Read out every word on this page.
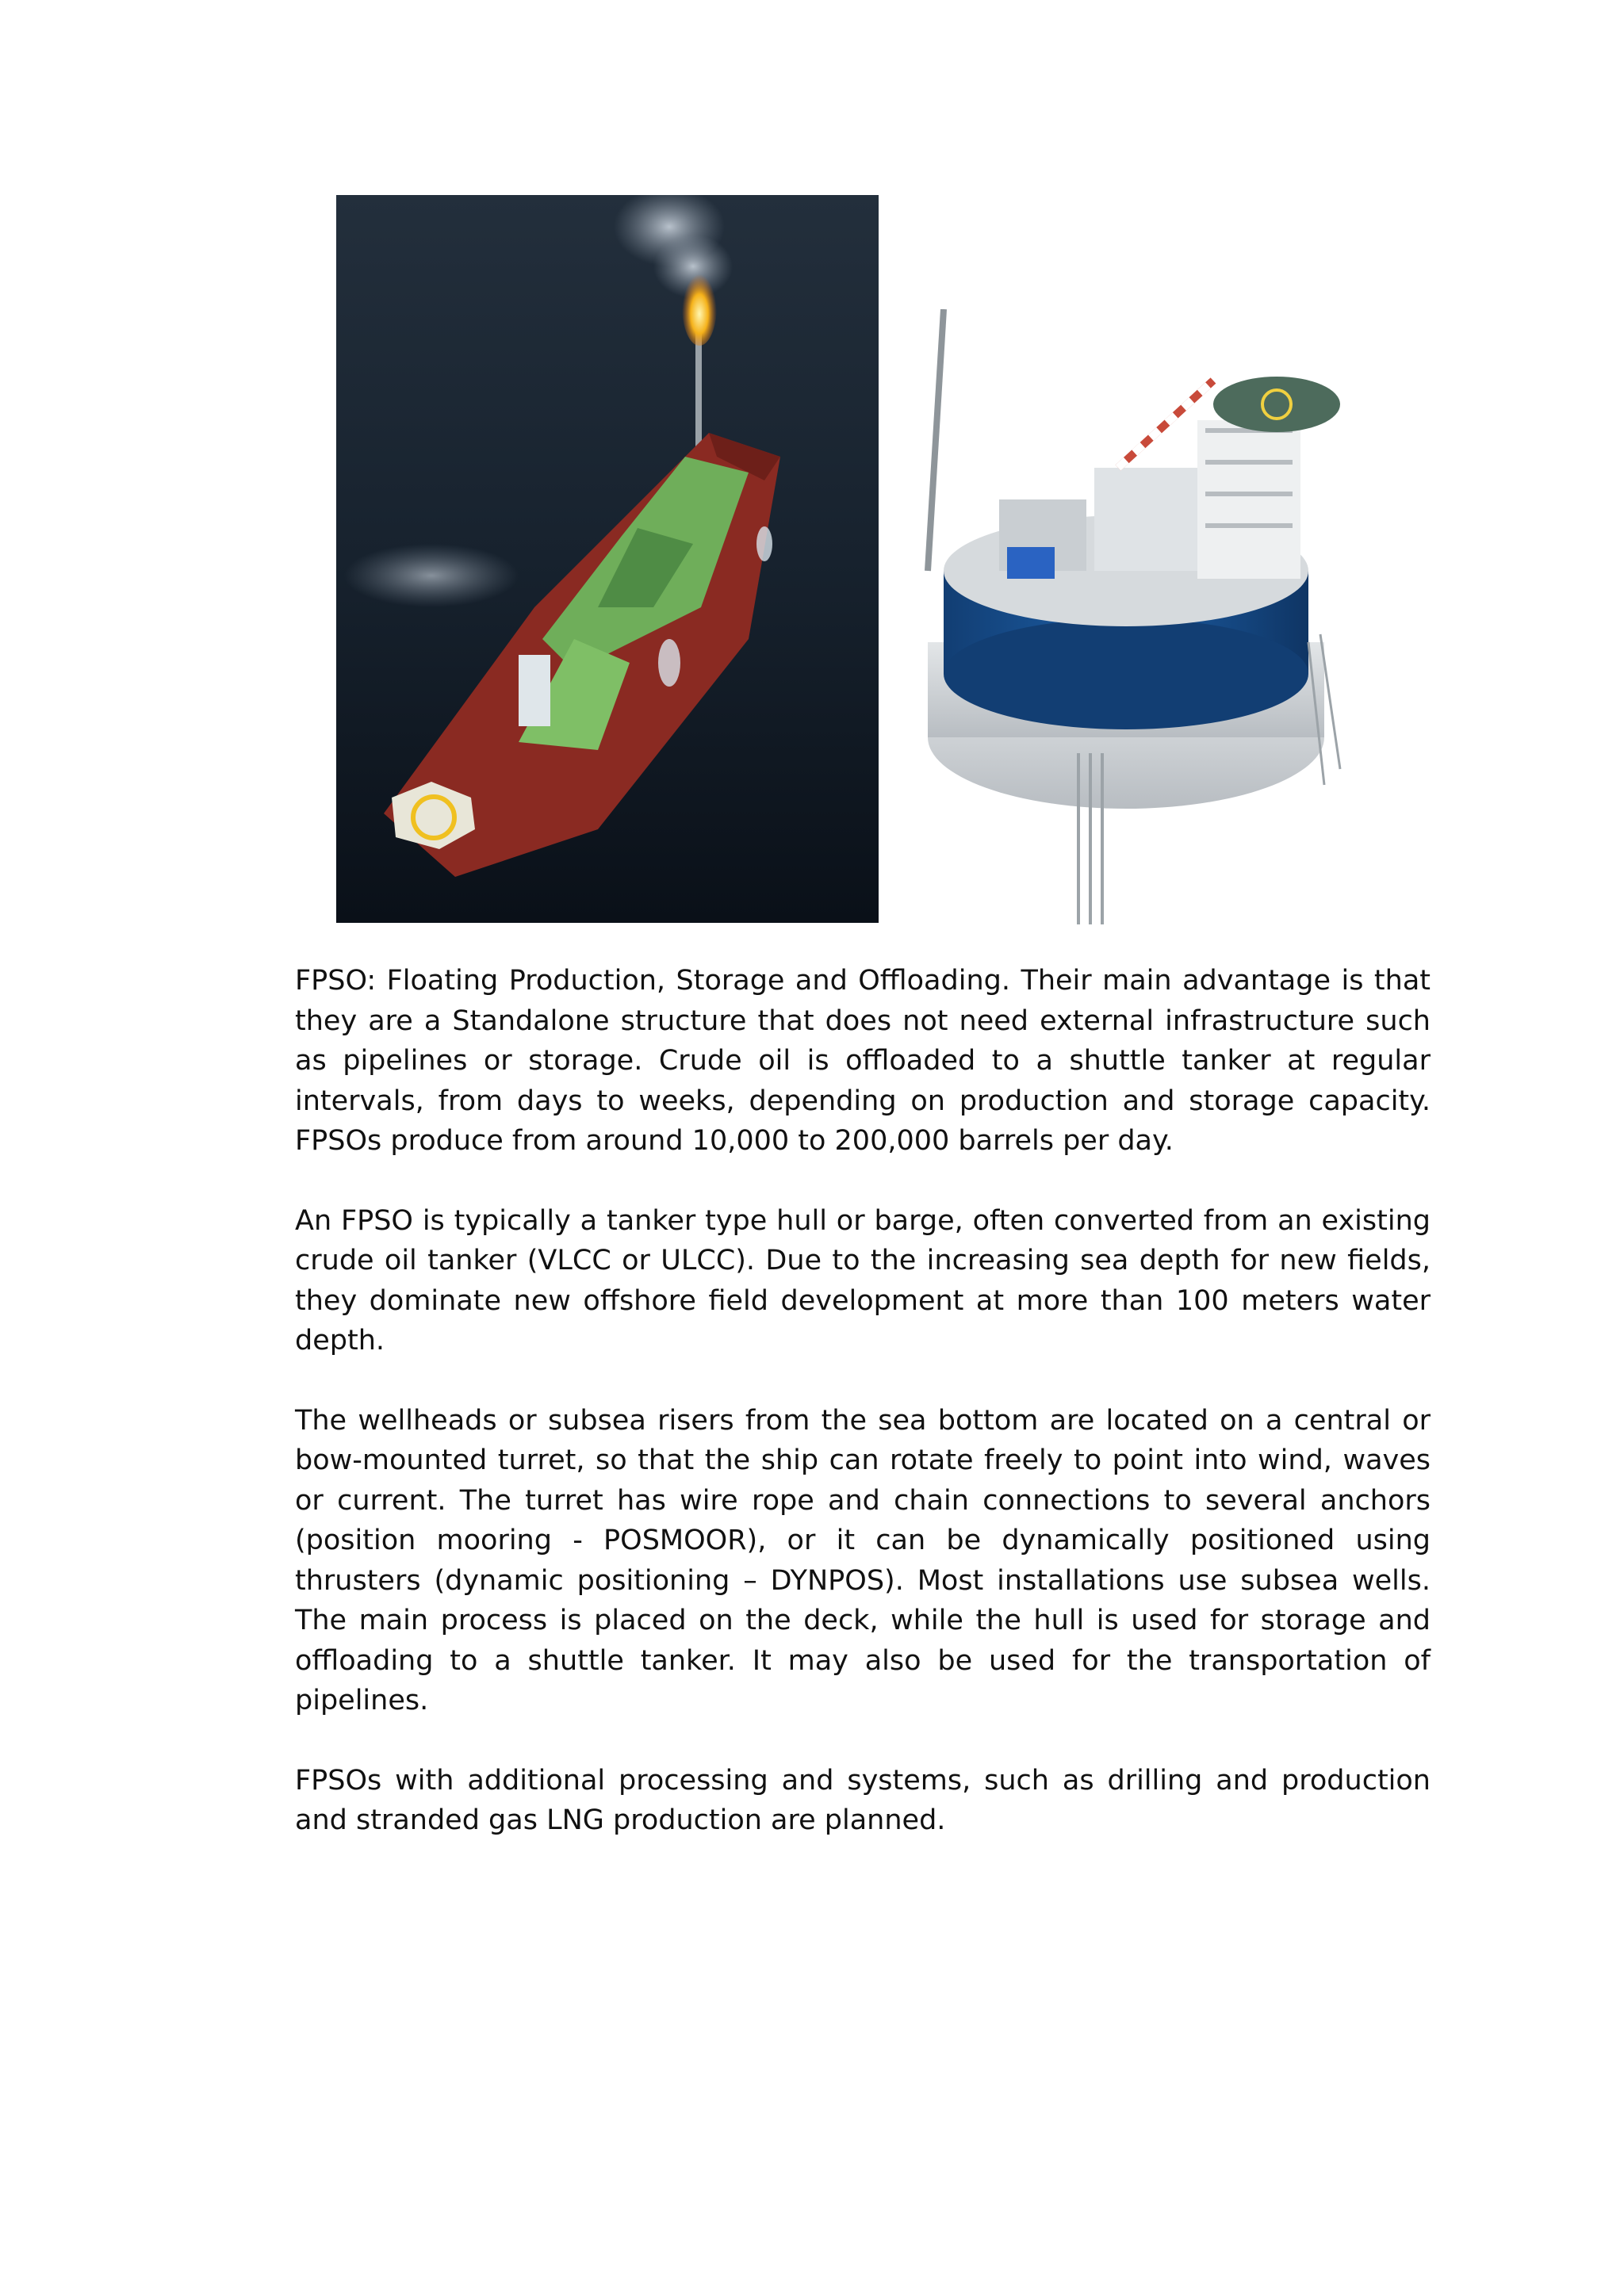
FPSO: Floating Production, Storage and Offloading. Their main advantage is that they are a Standalone structure that does not need external infrastructure such as pipelines or storage. Crude oil is offloaded to a shuttle tanker at regular intervals, from days to weeks, depending on production and storage capacity. FPSOs produce from around 10,000 to 200,000 barrels per day.

An FPSO is typically a tanker type hull or barge, often converted from an existing crude oil tanker (VLCC or ULCC). Due to the increasing sea depth for new fields, they dominate new offshore field development at more than 100 meters water depth.

The wellheads or subsea risers from the sea bottom are located on a central or bow-mounted turret, so that the ship can rotate freely to point into wind, waves or current. The turret has wire rope and chain connections to several anchors (position mooring - POSMOOR), or it can be dynamically positioned using thrusters (dynamic positioning – DYNPOS). Most installations use subsea wells. The main process is placed on the deck, while the hull is used for storage and offloading to a shuttle tanker. It may also be used for the transportation of pipelines.

FPSOs with additional processing and systems, such as drilling and production and stranded gas LNG production are planned.
